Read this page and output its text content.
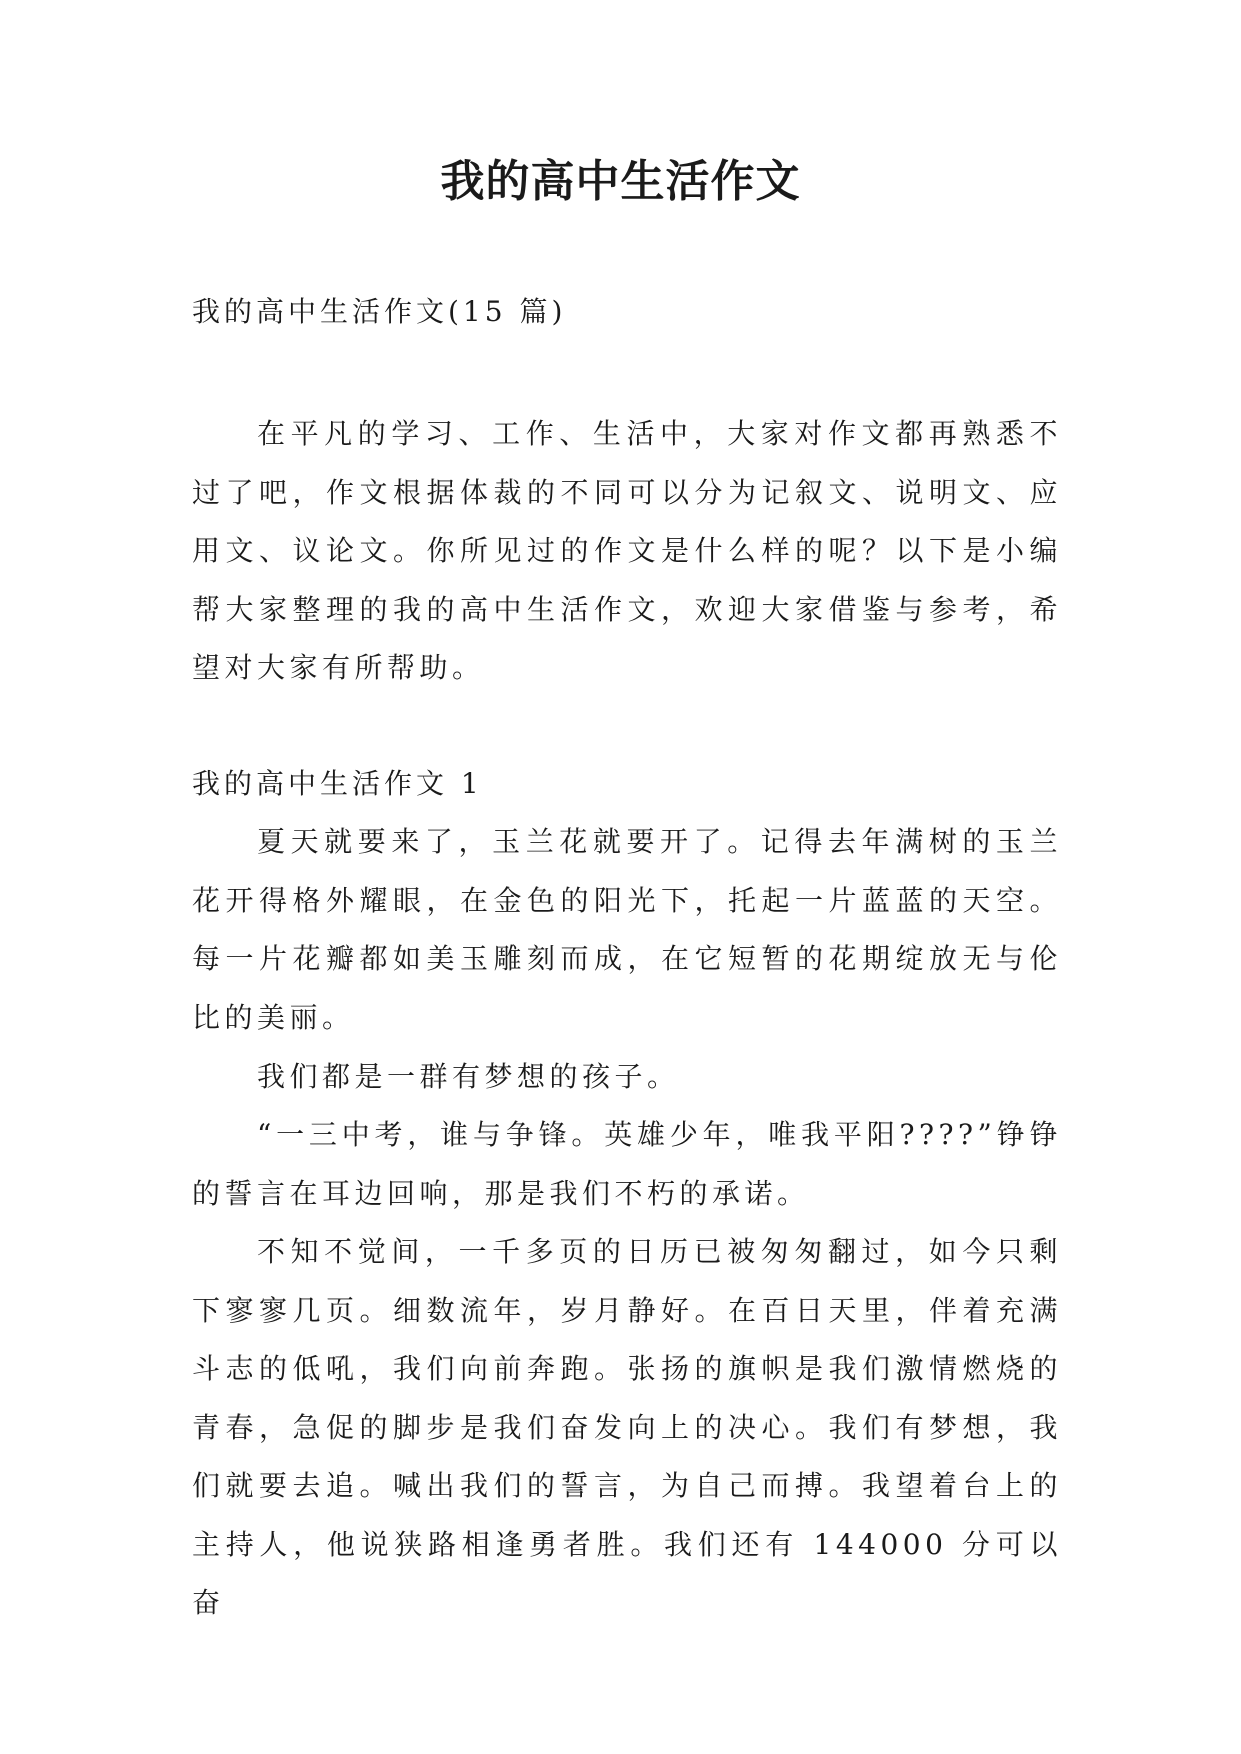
我的高中生活作文

我的高中生活作文(15 篇)

在平凡的学习、工作、生活中，大家对作文都再熟悉不过了吧，作文根据体裁的不同可以分为记叙文、说明文、应用文、议论文。你所见过的作文是什么样的呢？以下是小编帮大家整理的我的高中生活作文，欢迎大家借鉴与参考，希望对大家有所帮助。

我的高中生活作文 1

夏天就要来了，玉兰花就要开了。记得去年满树的玉兰花开得格外耀眼，在金色的阳光下，托起一片蓝蓝的天空。每一片花瓣都如美玉雕刻而成，在它短暂的花期绽放无与伦比的美丽。

我们都是一群有梦想的孩子。

“一三中考，谁与争锋。英雄少年，唯我平阳????”铮铮的誓言在耳边回响，那是我们不朽的承诺。

不知不觉间，一千多页的日历已被匆匆翻过，如今只剩下寥寥几页。细数流年，岁月静好。在百日天里，伴着充满斗志的低吼，我们向前奔跑。张扬的旗帜是我们激情燃烧的青春，急促的脚步是我们奋发向上的决心。我们有梦想，我们就要去追。喊出我们的誓言，为自己而搏。我望着台上的主持人，他说狭路相逢勇者胜。我们还有 144000 分可以奋
